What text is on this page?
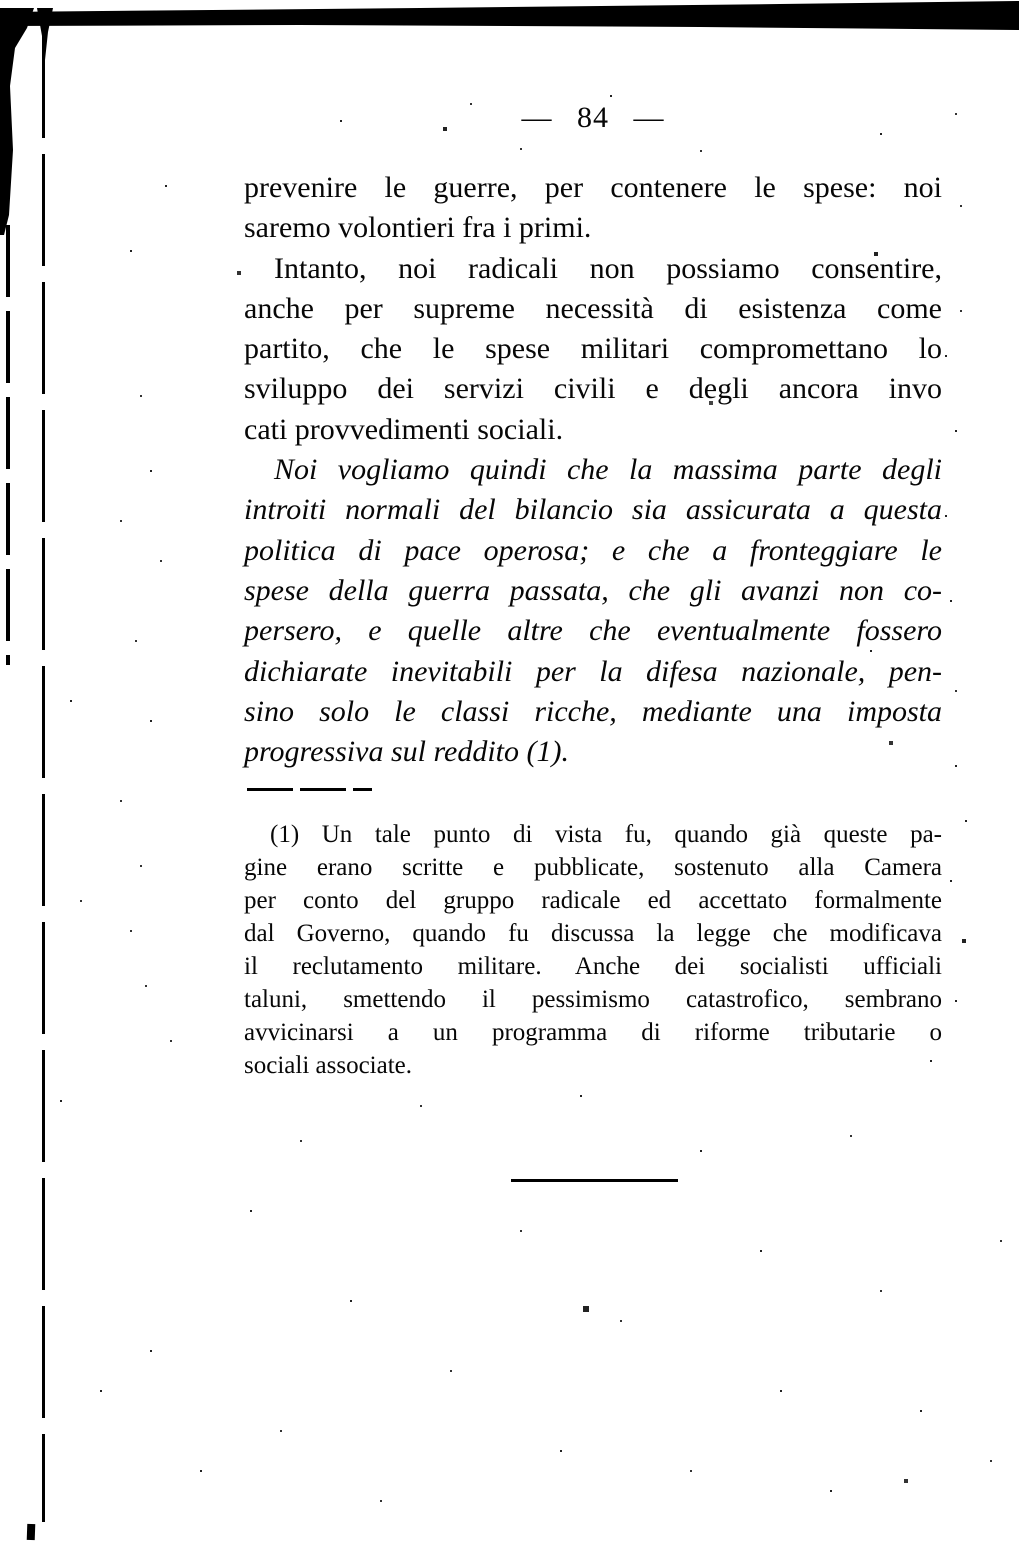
— 84 —
prevenire le guerre, per contenere le spese: noi
saremo volontieri fra i primi.
Intanto, noi radicali non possiamo consentire,
anche per supreme necessità di esistenza come
partito, che le spese militari compromettano lo
sviluppo dei servizi civili e degli ancora invo
cati provvedimenti sociali.
Noi vogliamo quindi che la massima parte degli
introiti normali del bilancio sia assicurata a questa
politica di pace operosa; e che a fronteggiare le
spese della guerra passata, che gli avanzi non co-
persero, e quelle altre che eventualmente fossero
dichiarate inevitabili per la difesa nazionale, pen-
sino solo le classi ricche, mediante una imposta
progressiva sul reddito (1).
(1) Un tale punto di vista fu, quando già queste pa-
gine erano scritte e pubblicate, sostenuto alla Camera
per conto del gruppo radicale ed accettato formalmente
dal Governo, quando fu discussa la legge che modificava
il reclutamento militare. Anche dei socialisti ufficiali
taluni, smettendo il pessimismo catastrofico, sembrano
avvicinarsi a un programma di riforme tributarie o
sociali associate.
